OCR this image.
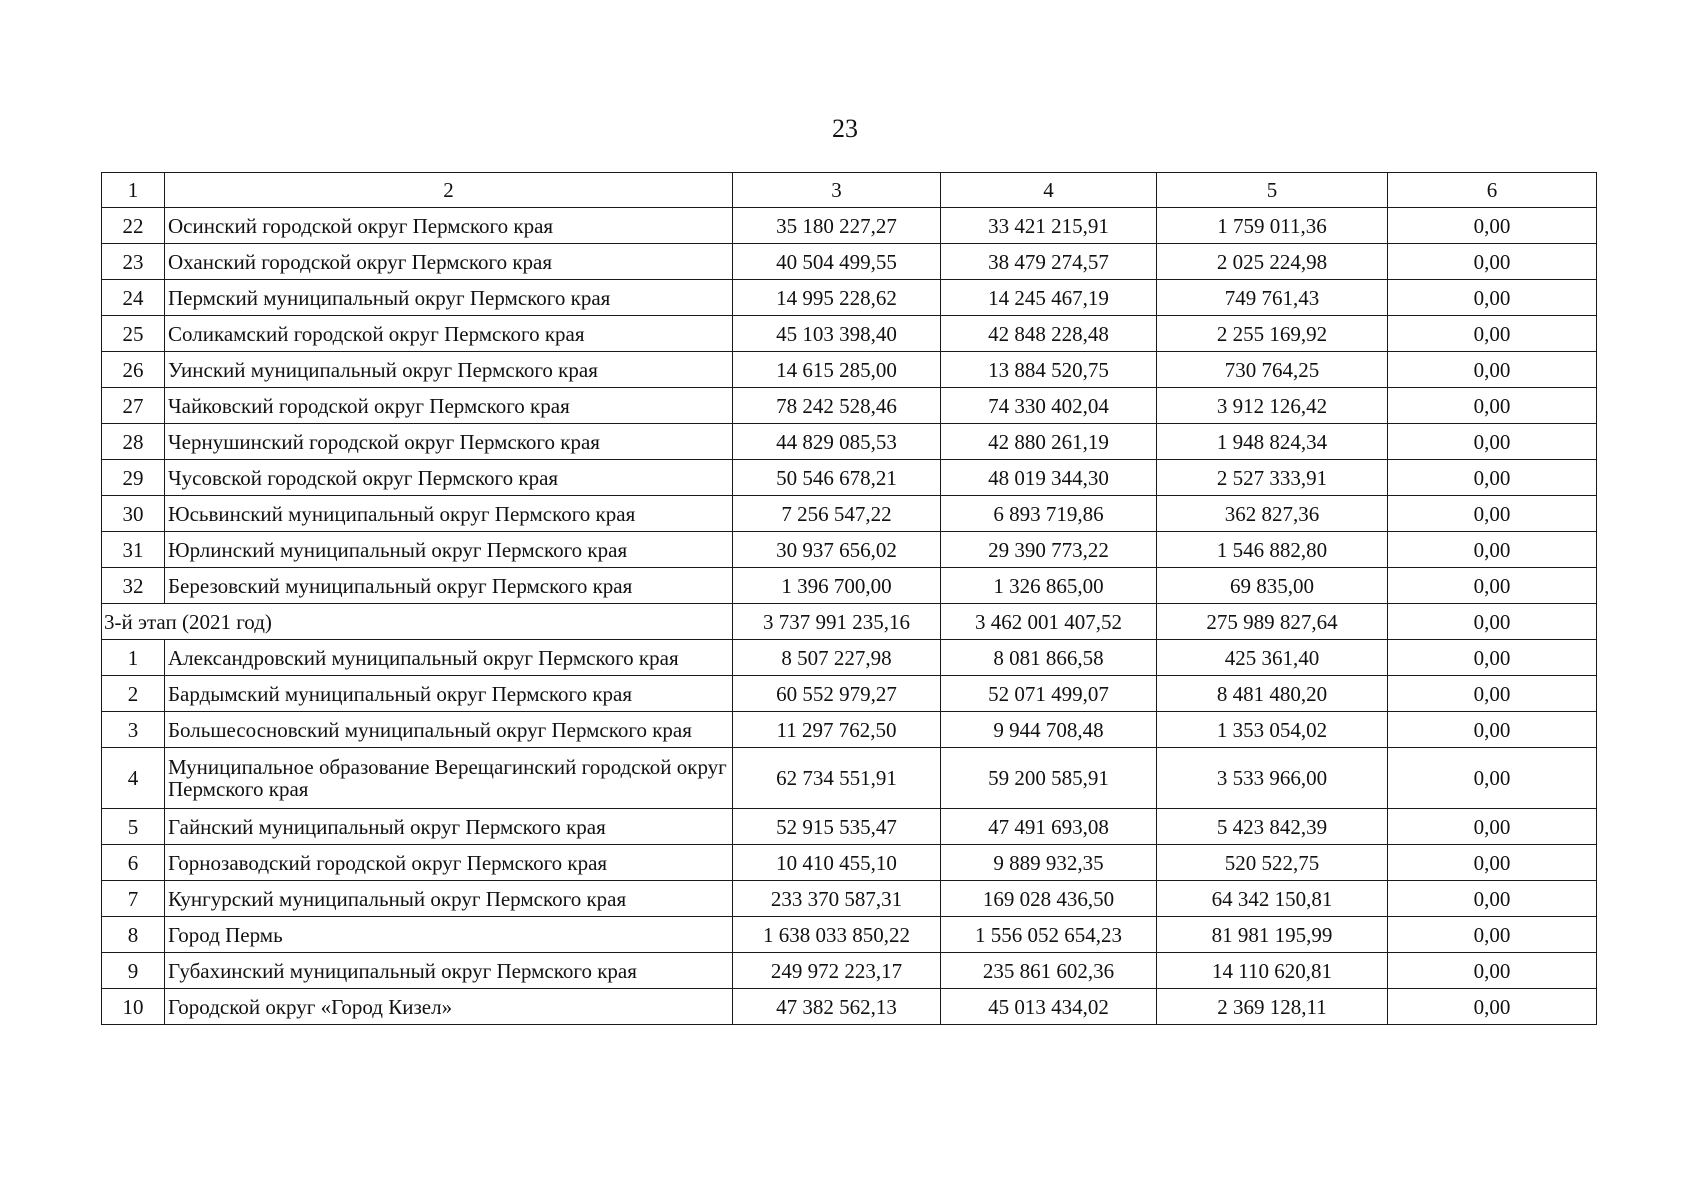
23
1	2	3	4	5	6
22	Осинский городской округ Пермского края	35 180 227,27	33 421 215,91	1 759 011,36	0,00
23	Оханский городской округ Пермского края	40 504 499,55	38 479 274,57	2 025 224,98	0,00
24	Пермский муниципальный округ Пермского края	14 995 228,62	14 245 467,19	749 761,43	0,00
25	Соликамский городской округ Пермского края	45 103 398,40	42 848 228,48	2 255 169,92	0,00
26	Уинский муниципальный округ Пермского края	14 615 285,00	13 884 520,75	730 764,25	0,00
27	Чайковский городской округ Пермского края	78 242 528,46	74 330 402,04	3 912 126,42	0,00
28	Чернушинский городской округ Пермского края	44 829 085,53	42 880 261,19	1 948 824,34	0,00
29	Чусовской городской округ Пермского края	50 546 678,21	48 019 344,30	2 527 333,91	0,00
30	Юсьвинский муниципальный округ Пермского края	7 256 547,22	6 893 719,86	362 827,36	0,00
31	Юрлинский муниципальный округ Пермского края	30 937 656,02	29 390 773,22	1 546 882,80	0,00
32	Березовский муниципальный округ Пермского края	1 396 700,00	1 326 865,00	69 835,00	0,00
3-й этап (2021 год)		3 737 991 235,16	3 462 001 407,52	275 989 827,64	0,00
1	Александровский муниципальный округ Пермского края	8 507 227,98	8 081 866,58	425 361,40	0,00
2	Бардымский муниципальный округ Пермского края	60 552 979,27	52 071 499,07	8 481 480,20	0,00
3	Большесосновский муниципальный округ Пермского края	11 297 762,50	9 944 708,48	1 353 054,02	0,00
4	Муниципальное образование Верещагинский городской округ Пермского края	62 734 551,91	59 200 585,91	3 533 966,00	0,00
5	Гайнский муниципальный округ Пермского края	52 915 535,47	47 491 693,08	5 423 842,39	0,00
6	Горнозаводский городской округ Пермского края	10 410 455,10	9 889 932,35	520 522,75	0,00
7	Кунгурский муниципальный округ Пермского края	233 370 587,31	169 028 436,50	64 342 150,81	0,00
8	Город Пермь	1 638 033 850,22	1 556 052 654,23	81 981 195,99	0,00
9	Губахинский муниципальный округ Пермского края	249 972 223,17	235 861 602,36	14 110 620,81	0,00
10	Городской округ «Город Кизел»	47 382 562,13	45 013 434,02	2 369 128,11	0,00
